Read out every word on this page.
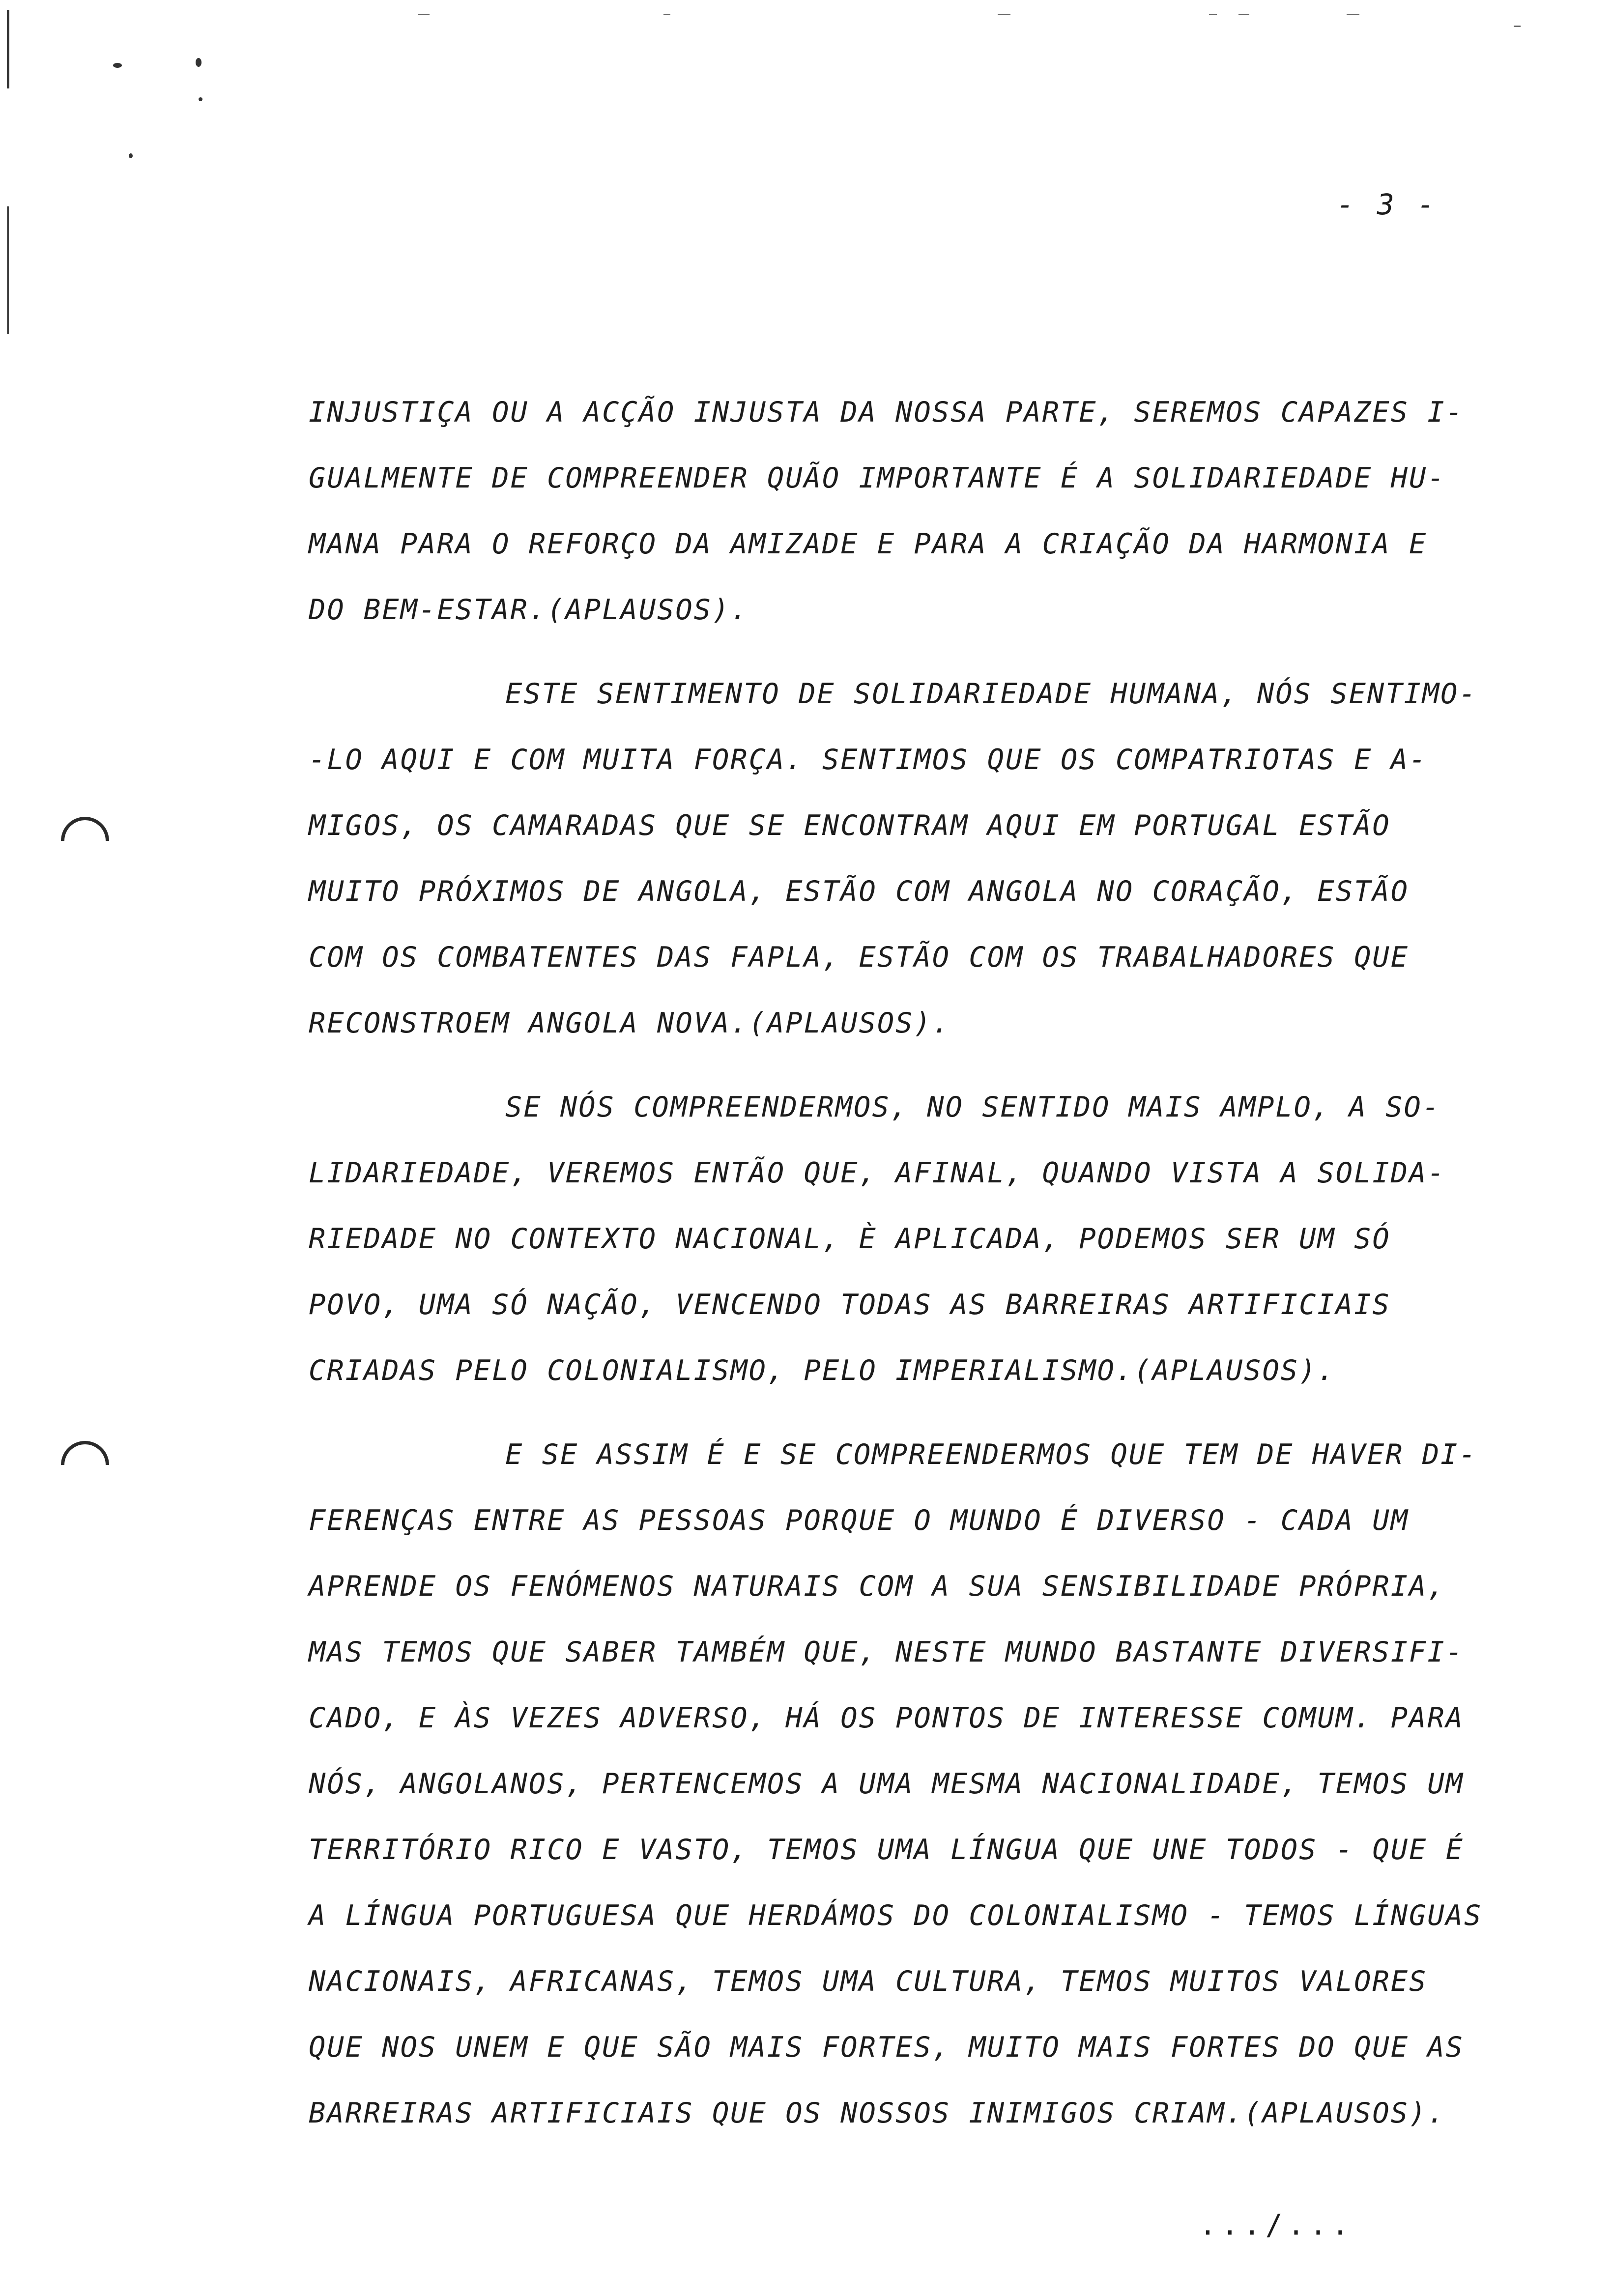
- 3 -
INJUSTIÇA OU A ACÇÃO INJUSTA DA NOSSA PARTE, SEREMOS CAPAZES I-
GUALMENTE DE COMPREENDER QUÃO IMPORTANTE É A SOLIDARIEDADE HU-
MANA PARA O REFORÇO DA AMIZADE E PARA A CRIAÇÃO DA HARMONIA E
DO BEM-ESTAR.(APLAUSOS).
ESTE SENTIMENTO DE SOLIDARIEDADE HUMANA, NÓS SENTIMO-
-LO AQUI E COM MUITA FORÇA. SENTIMOS QUE OS COMPATRIOTAS E A-
MIGOS, OS CAMARADAS QUE SE ENCONTRAM AQUI EM PORTUGAL ESTÃO
MUITO PRÓXIMOS DE ANGOLA, ESTÃO COM ANGOLA NO CORAÇÃO, ESTÃO
COM OS COMBATENTES DAS FAPLA, ESTÃO COM OS TRABALHADORES QUE
RECONSTROEM ANGOLA NOVA.(APLAUSOS).
SE NÓS COMPREENDERMOS, NO SENTIDO MAIS AMPLO, A SO-
LIDARIEDADE, VEREMOS ENTÃO QUE, AFINAL, QUANDO VISTA A SOLIDA-
RIEDADE NO CONTEXTO NACIONAL, È APLICADA, PODEMOS SER UM SÓ
POVO, UMA SÓ NAÇÃO, VENCENDO TODAS AS BARREIRAS ARTIFICIAIS
CRIADAS PELO COLONIALISMO, PELO IMPERIALISMO.(APLAUSOS).
E SE ASSIM É E SE COMPREENDERMOS QUE TEM DE HAVER DI-
FERENÇAS ENTRE AS PESSOAS PORQUE O MUNDO É DIVERSO - CADA UM
APRENDE OS FENÓMENOS NATURAIS COM A SUA SENSIBILIDADE PRÓPRIA,
MAS TEMOS QUE SABER TAMBÉM QUE, NESTE MUNDO BASTANTE DIVERSIFI-
CADO, E ÀS VEZES ADVERSO, HÁ OS PONTOS DE INTERESSE COMUM. PARA
NÓS, ANGOLANOS, PERTENCEMOS A UMA MESMA NACIONALIDADE, TEMOS UM
TERRITÓRIO RICO E VASTO, TEMOS UMA LÍNGUA QUE UNE TODOS - QUE É
A LÍNGUA PORTUGUESA QUE HERDÁMOS DO COLONIALISMO - TEMOS LÍNGUAS
NACIONAIS, AFRICANAS, TEMOS UMA CULTURA, TEMOS MUITOS VALORES
QUE NOS UNEM E QUE SÃO MAIS FORTES, MUITO MAIS FORTES DO QUE AS
BARREIRAS ARTIFICIAIS QUE OS NOSSOS INIMIGOS CRIAM.(APLAUSOS).
.../...
